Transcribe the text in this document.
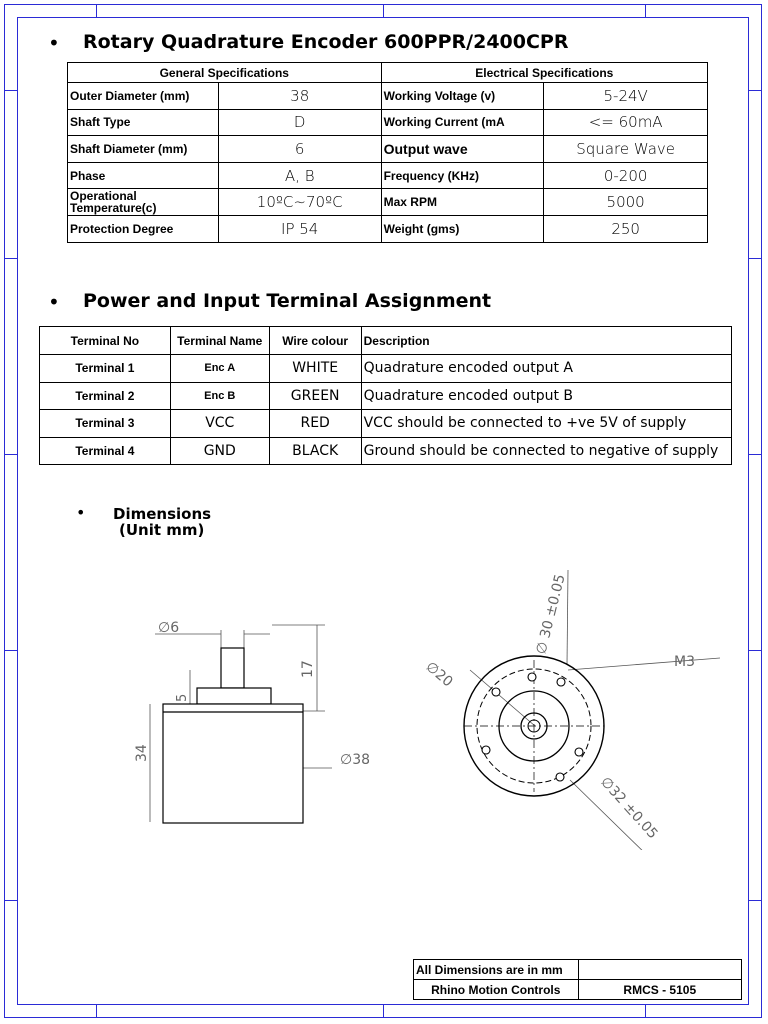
• Rotary Quadrature Encoder 600PPR/2400CPR
General Specifications		Electrical Specifications	
Outer Diameter (mm)	38	Working Voltage (v)	5-24V
Shaft Type	D	Working Current (mA	<= 60mA
Shaft Diameter (mm)	6	Output wave	Square Wave
Phase	A, B	Frequency (KHz)	0-200
Operational Temperature(c)	10ºC~70ºC	Max RPM	5000
Protection Degree	IP 54	Weight (gms)	250
• Power and Input Terminal Assignment
Terminal No	Terminal Name	Wire colour	Description
Terminal 1	Enc A	WHITE	Quadrature encoded output A
Terminal 2	Enc B	GREEN	Quadrature encoded output B
Terminal 3	VCC	RED	VCC should be connected to +ve 5V of supply
Terminal 4	GND	BLACK	Ground should be connected to negative of supply
• Dimensions
(Unit mm)
∅6
17
5
34	∅38
∅ 30 ±0.05
∅20	M3
∅32 ±0.05
All Dimensions are in mm	
Rhino Motion Controls	RMCS - 5105
